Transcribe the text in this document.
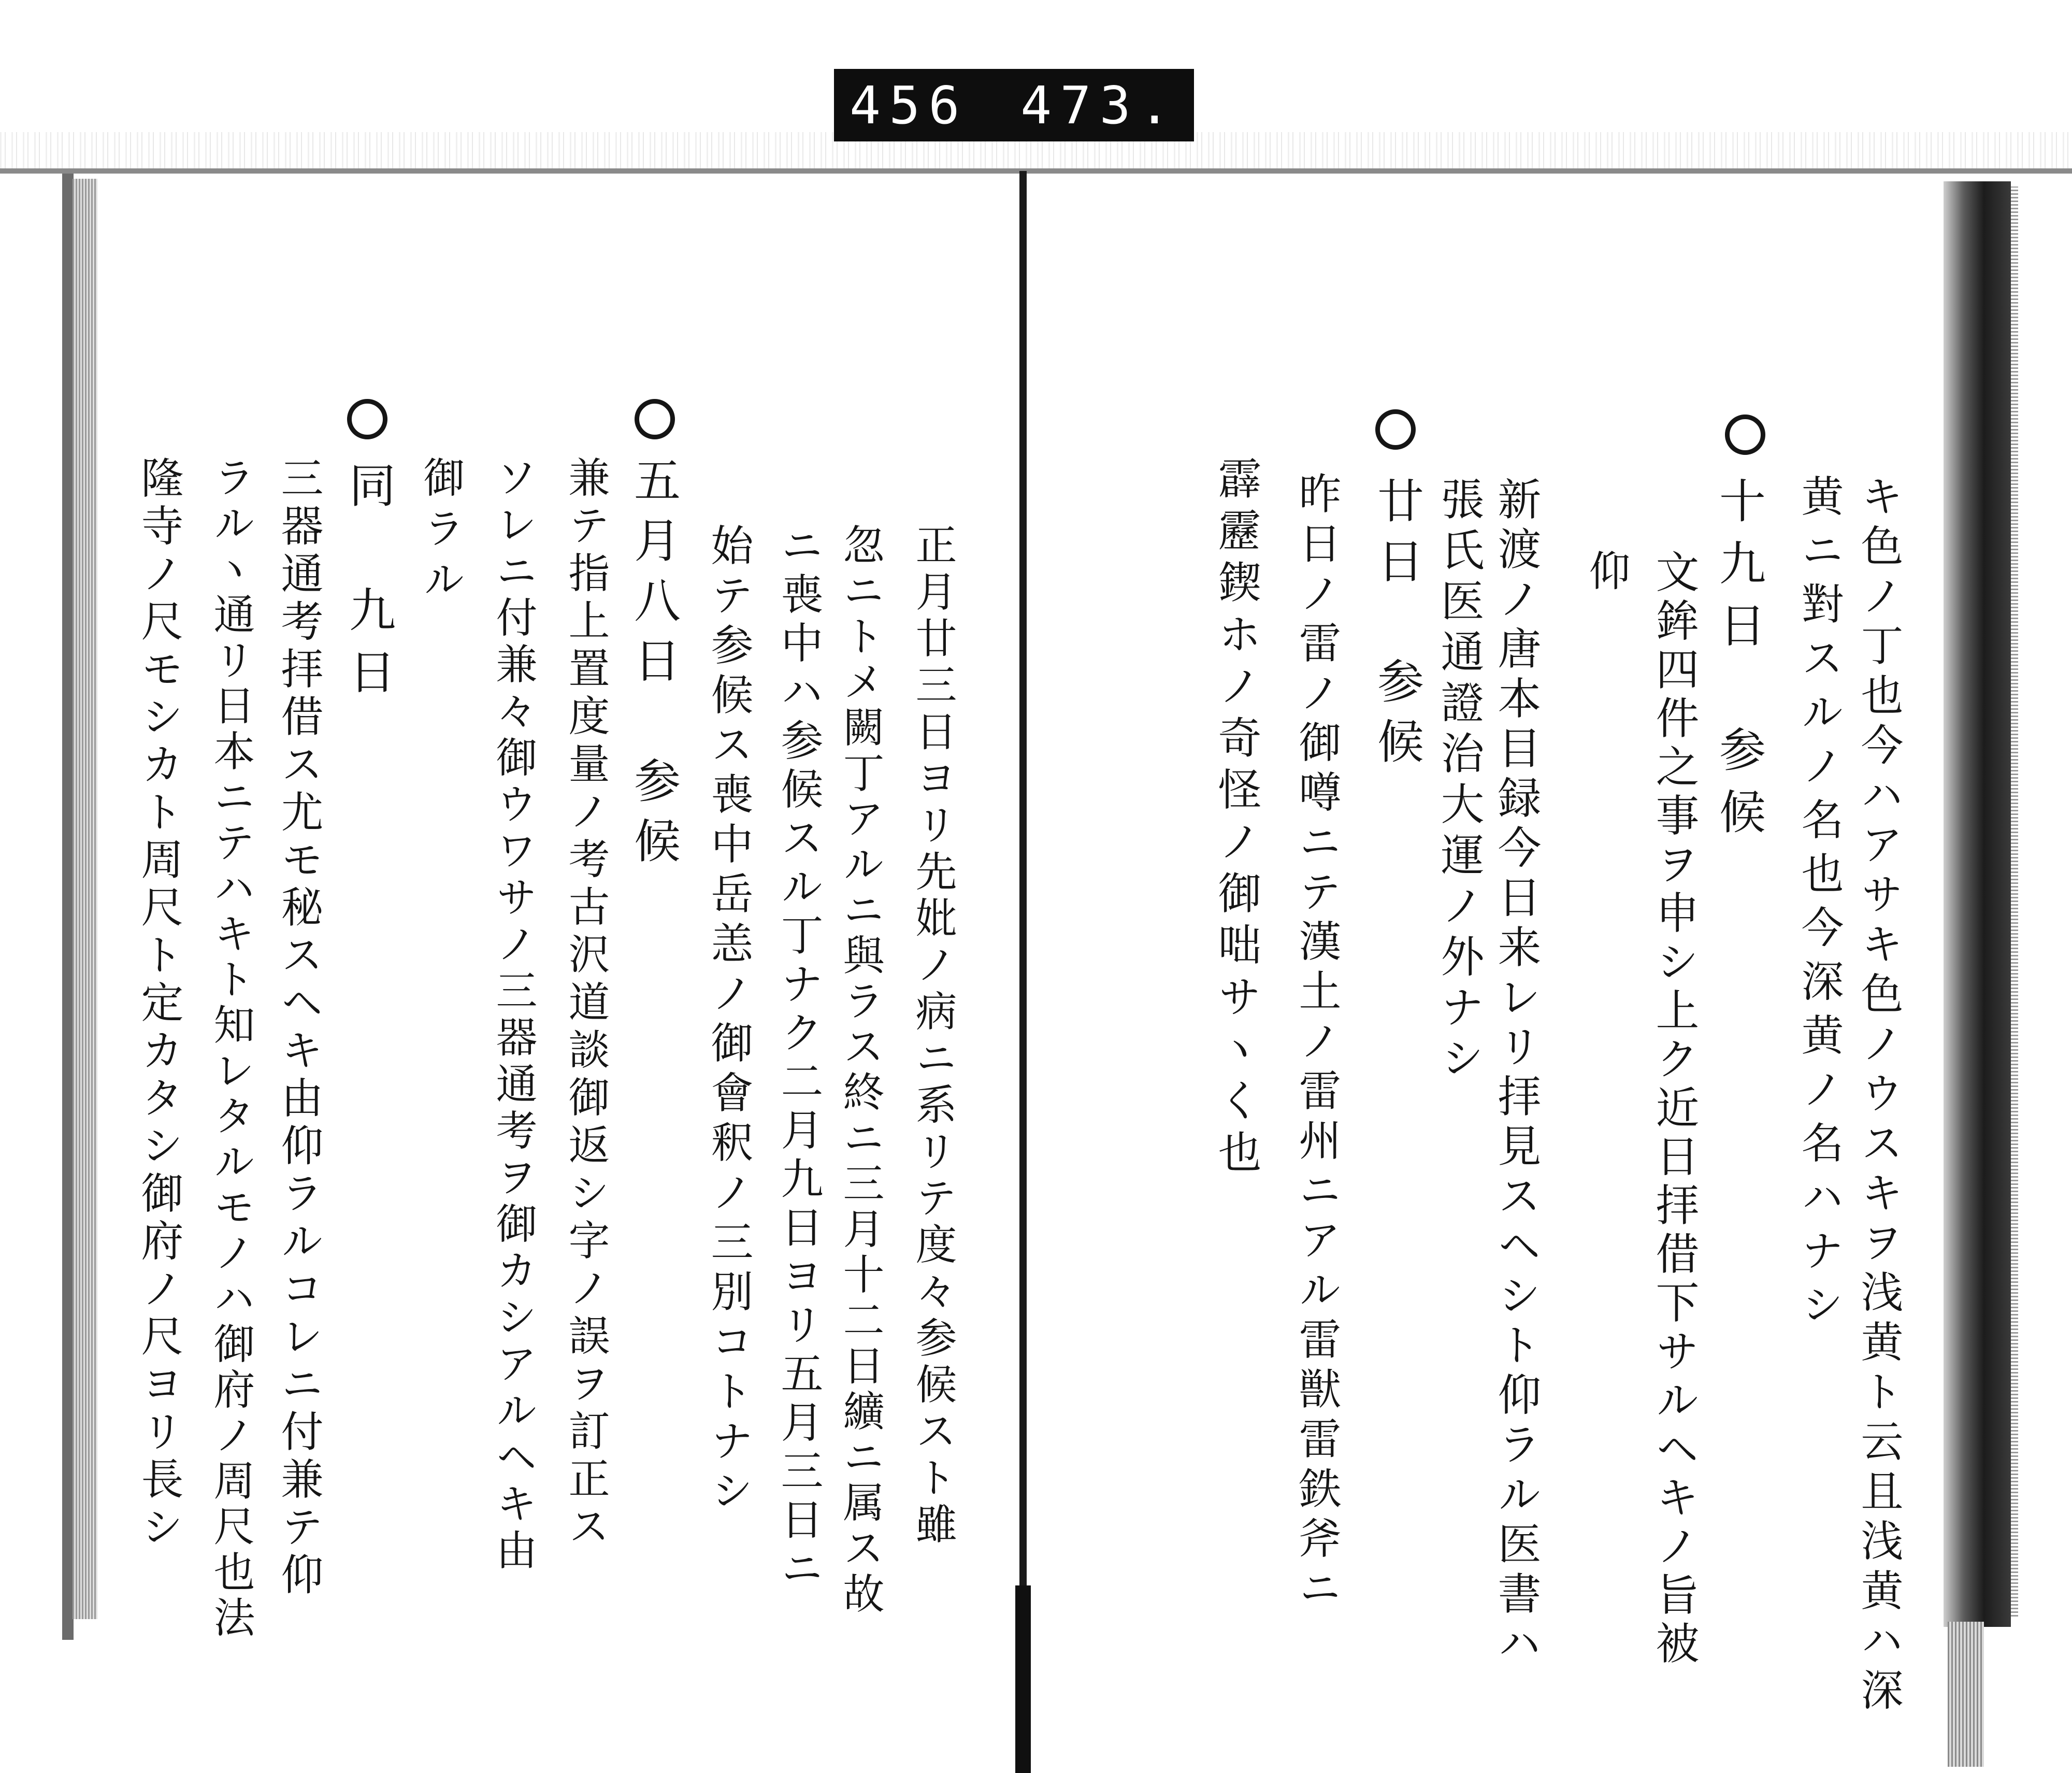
456 473.
キ色ノ丁也今ハアサキ色ノウスキヲ浅黄ト云且浅黄ハ深
黄ニ對スルノ名也今深黄ノ名ハナシ
十九日　参候
文鉾四件之事ヲ申シ上ク近日拝借下サルヘキノ旨被
仰
新渡ノ唐本目録今日来レリ拝見スヘシト仰ラル医書ハ
張氏医通證治大運ノ外ナシ
廿日　参候
昨日ノ雷ノ御噂ニテ漢土ノ雷州ニアル雷獣雷鉄斧ニ
霹靂鍥ホノ奇怪ノ御咄サヽく也
正月廿三日ヨリ先妣ノ病ニ系リテ度々参候スト雖
忽ニトメ闕丁アルニ與ラス終ニ三月十二日纊ニ属ス故
ニ喪中ハ参候スル丁ナク二月九日ヨリ五月三日ニ
始テ参候ス喪中岳恙ノ御會釈ノ三別コトナシ
五月八日　参候
兼テ指上置度量ノ考古沢道談御返シ字ノ誤ヲ訂正ス
ソレニ付兼々御ウワサノ三器通考ヲ御カシアルヘキ由
御ラル
同　九日
三器通考拝借ス尤モ秘スヘキ由仰ラルコレニ付兼テ仰
ラルヽ通リ日本ニテハキト知レタルモノハ御府ノ周尺也法
隆寺ノ尺モシカト周尺ト定カタシ御府ノ尺ヨリ長シ
